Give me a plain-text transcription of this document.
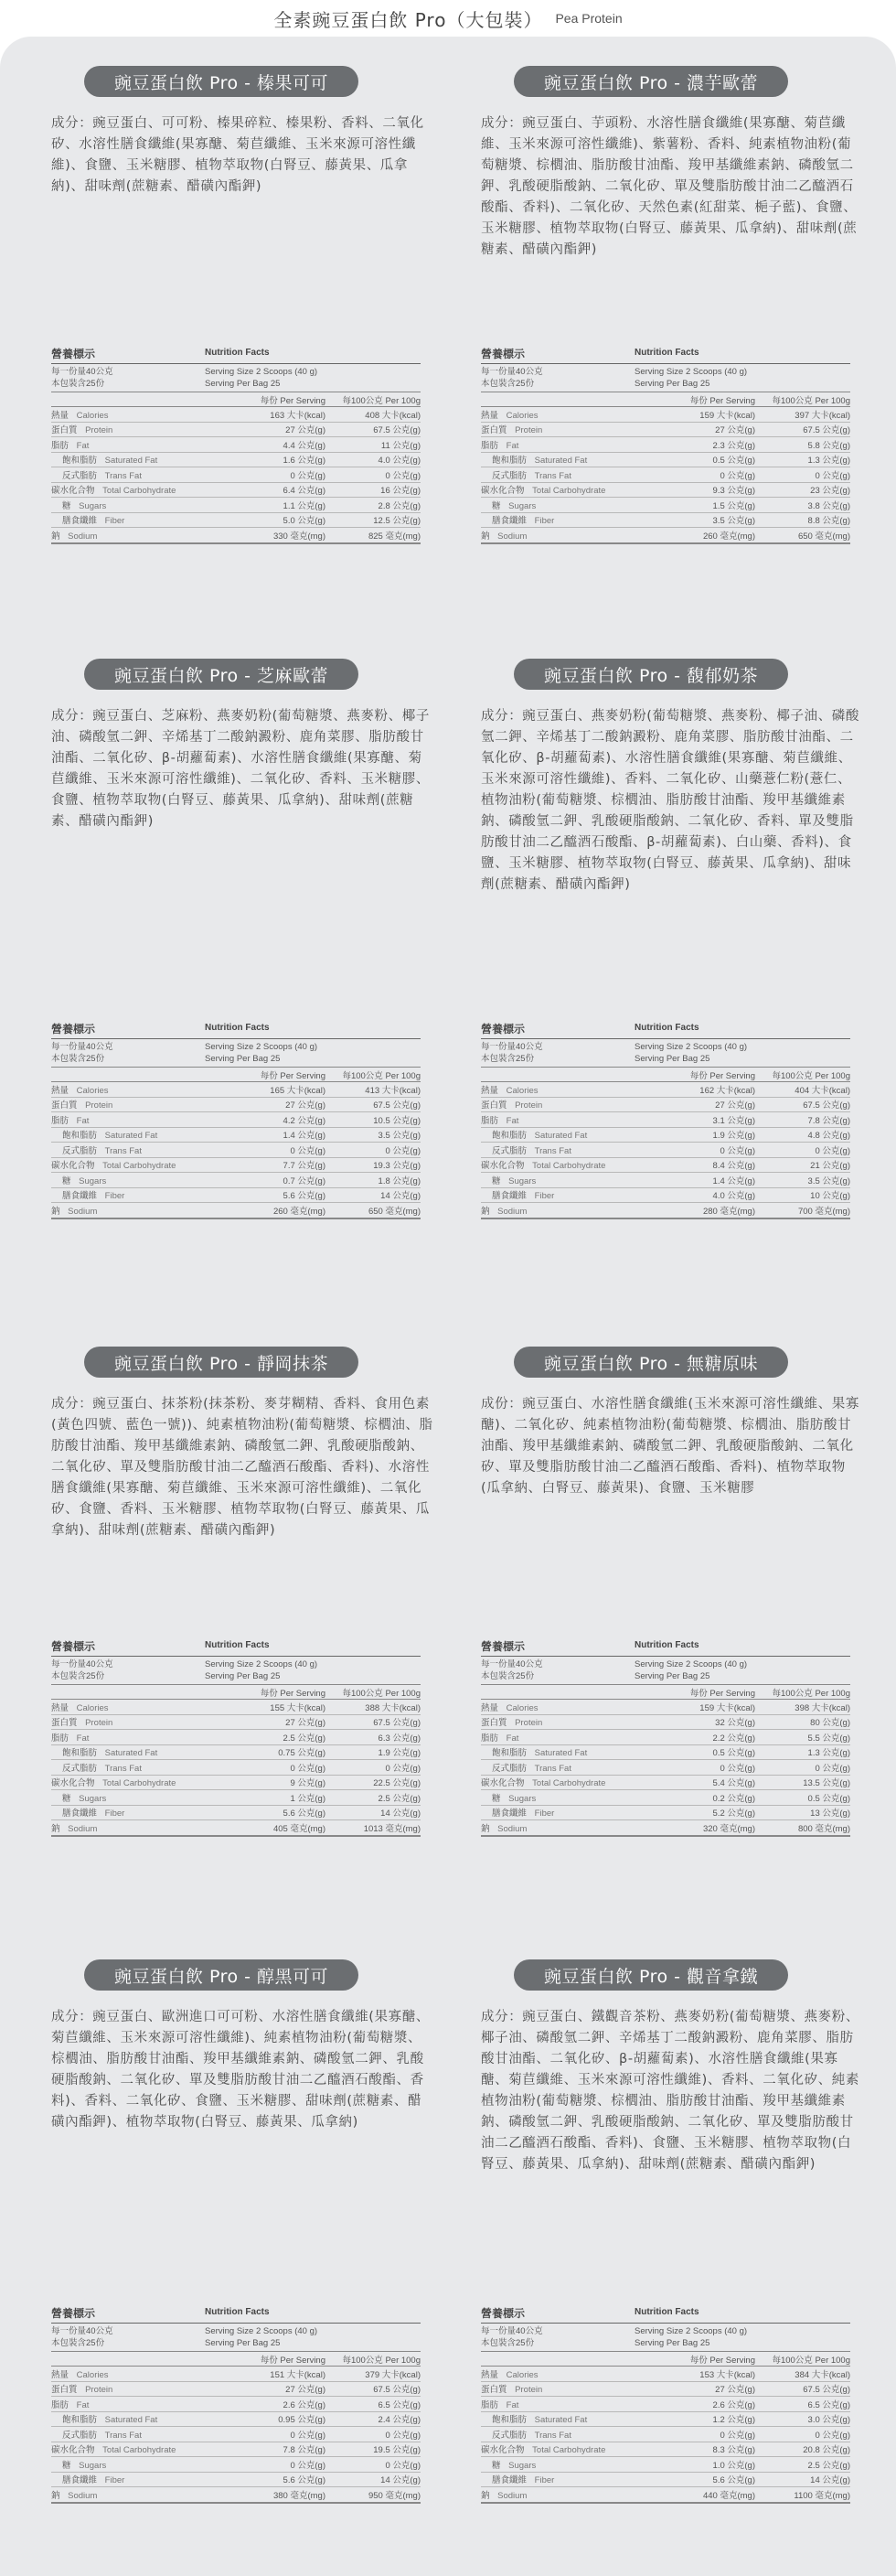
全素豌豆蛋白飲 Pro（大包裝） Pea Protein
豌豆蛋白飲 Pro - 榛果可可
成分：豌豆蛋白、可可粉、榛果碎粒、榛果粉、香料、二氧化矽、水溶性膳食纖維(果寡醣、菊苣纖維、玉米來源可溶性纖維)、食鹽、玉米糖膠、植物萃取物(白腎豆、藤黃果、瓜拿納)、甜味劑(蔗糖素、醋磺內酯鉀)
營養標示	Nutrition Facts
每一份量40公克
本包裝含25份
Serving Size 2 Scoops (40 g)
Serving Per Bag 25
每份 Per Serving	每100公克 Per 100g
熱量 Calories	163 大卡(kcal)	408 大卡(kcal)
蛋白質 Protein	27 公克(g)	67.5 公克(g)
脂肪 Fat	4.4 公克(g)	11 公克(g)
飽和脂肪 Saturated Fat	1.6 公克(g)	4.0 公克(g)
反式脂肪 Trans Fat	0 公克(g)	0 公克(g)
碳水化合物 Total Carbohydrate	6.4 公克(g)	16 公克(g)
糖 Sugars	1.1 公克(g)	2.8 公克(g)
膳食纖維 Fiber	5.0 公克(g)	12.5 公克(g)
鈉 Sodium	330 毫克(mg)	825 毫克(mg)
豌豆蛋白飲 Pro - 濃芋歐蕾
成分：豌豆蛋白、芋頭粉、水溶性膳食纖維(果寡醣、菊苣纖維、玉米來源可溶性纖維)、紫薯粉、香料、純素植物油粉(葡萄糖漿、棕櫚油、脂肪酸甘油酯、羧甲基纖維素鈉、磷酸氫二鉀、乳酸硬脂酸鈉、二氧化矽、單及雙脂肪酸甘油二乙醯酒石酸酯、香料)、二氧化矽、天然色素(紅甜菜、梔子藍)、食鹽、玉米糖膠、植物萃取物(白腎豆、藤黃果、瓜拿納)、甜味劑(蔗糖素、醋磺內酯鉀)
營養標示	Nutrition Facts
每一份量40公克
本包裝含25份
Serving Size 2 Scoops (40 g)
Serving Per Bag 25
每份 Per Serving	每100公克 Per 100g
熱量 Calories	159 大卡(kcal)	397 大卡(kcal)
蛋白質 Protein	27 公克(g)	67.5 公克(g)
脂肪 Fat	2.3 公克(g)	5.8 公克(g)
飽和脂肪 Saturated Fat	0.5 公克(g)	1.3 公克(g)
反式脂肪 Trans Fat	0 公克(g)	0 公克(g)
碳水化合物 Total Carbohydrate	9.3 公克(g)	23 公克(g)
糖 Sugars	1.5 公克(g)	3.8 公克(g)
膳食纖維 Fiber	3.5 公克(g)	8.8 公克(g)
鈉 Sodium	260 毫克(mg)	650 毫克(mg)
豌豆蛋白飲 Pro - 芝麻歐蕾
成分：豌豆蛋白、芝麻粉、燕麥奶粉(葡萄糖漿、燕麥粉、椰子油、磷酸氫二鉀、辛烯基丁二酸鈉澱粉、鹿角菜膠、脂肪酸甘油酯、二氧化矽、β-胡蘿蔔素)、水溶性膳食纖維(果寡醣、菊苣纖維、玉米來源可溶性纖維)、二氧化矽、香料、玉米糖膠、食鹽、植物萃取物(白腎豆、藤黃果、瓜拿納)、甜味劑(蔗糖素、醋磺內酯鉀)
營養標示	Nutrition Facts
每一份量40公克
本包裝含25份
Serving Size 2 Scoops (40 g)
Serving Per Bag 25
每份 Per Serving	每100公克 Per 100g
熱量 Calories	165 大卡(kcal)	413 大卡(kcal)
蛋白質 Protein	27 公克(g)	67.5 公克(g)
脂肪 Fat	4.2 公克(g)	10.5 公克(g)
飽和脂肪 Saturated Fat	1.4 公克(g)	3.5 公克(g)
反式脂肪 Trans Fat	0 公克(g)	0 公克(g)
碳水化合物 Total Carbohydrate	7.7 公克(g)	19.3 公克(g)
糖 Sugars	0.7 公克(g)	1.8 公克(g)
膳食纖維 Fiber	5.6 公克(g)	14 公克(g)
鈉 Sodium	260 毫克(mg)	650 毫克(mg)
豌豆蛋白飲 Pro - 馥郁奶茶
成分：豌豆蛋白、燕麥奶粉(葡萄糖漿、燕麥粉、椰子油、磷酸氫二鉀、辛烯基丁二酸鈉澱粉、鹿角菜膠、脂肪酸甘油酯、二氧化矽、β-胡蘿蔔素)、水溶性膳食纖維(果寡醣、菊苣纖維、玉米來源可溶性纖維)、香料、二氧化矽、山藥薏仁粉(薏仁、植物油粉(葡萄糖漿、棕櫚油、脂肪酸甘油酯、羧甲基纖維素鈉、磷酸氫二鉀、乳酸硬脂酸鈉、二氧化矽、香料、單及雙脂肪酸甘油二乙醯酒石酸酯、β-胡蘿蔔素)、白山藥、香料)、食鹽、玉米糖膠、植物萃取物(白腎豆、藤黃果、瓜拿納)、甜味劑(蔗糖素、醋磺內酯鉀)
營養標示	Nutrition Facts
每一份量40公克
本包裝含25份
Serving Size 2 Scoops (40 g)
Serving Per Bag 25
每份 Per Serving	每100公克 Per 100g
熱量 Calories	162 大卡(kcal)	404 大卡(kcal)
蛋白質 Protein	27 公克(g)	67.5 公克(g)
脂肪 Fat	3.1 公克(g)	7.8 公克(g)
飽和脂肪 Saturated Fat	1.9 公克(g)	4.8 公克(g)
反式脂肪 Trans Fat	0 公克(g)	0 公克(g)
碳水化合物 Total Carbohydrate	8.4 公克(g)	21 公克(g)
糖 Sugars	1.4 公克(g)	3.5 公克(g)
膳食纖維 Fiber	4.0 公克(g)	10 公克(g)
鈉 Sodium	280 毫克(mg)	700 毫克(mg)
豌豆蛋白飲 Pro - 靜岡抹茶
成分：豌豆蛋白、抹茶粉(抹茶粉、麥芽糊精、香料、食用色素(黃色四號、藍色一號))、純素植物油粉(葡萄糖漿、棕櫚油、脂肪酸甘油酯、羧甲基纖維素鈉、磷酸氫二鉀、乳酸硬脂酸鈉、二氧化矽、單及雙脂肪酸甘油二乙醯酒石酸酯、香料)、水溶性膳食纖維(果寡醣、菊苣纖維、玉米來源可溶性纖維)、二氧化矽、食鹽、香料、玉米糖膠、植物萃取物(白腎豆、藤黃果、瓜拿納)、甜味劑(蔗糖素、醋磺內酯鉀)
營養標示	Nutrition Facts
每一份量40公克
本包裝含25份
Serving Size 2 Scoops (40 g)
Serving Per Bag 25
每份 Per Serving	每100公克 Per 100g
熱量 Calories	155 大卡(kcal)	388 大卡(kcal)
蛋白質 Protein	27 公克(g)	67.5 公克(g)
脂肪 Fat	2.5 公克(g)	6.3 公克(g)
飽和脂肪 Saturated Fat	0.75 公克(g)	1.9 公克(g)
反式脂肪 Trans Fat	0 公克(g)	0 公克(g)
碳水化合物 Total Carbohydrate	9 公克(g)	22.5 公克(g)
糖 Sugars	1 公克(g)	2.5 公克(g)
膳食纖維 Fiber	5.6 公克(g)	14 公克(g)
鈉 Sodium	405 毫克(mg)	1013 毫克(mg)
豌豆蛋白飲 Pro - 無糖原味
成份：豌豆蛋白、水溶性膳食纖維(玉米來源可溶性纖維、果寡醣)、二氧化矽、純素植物油粉(葡萄糖漿、棕櫚油、脂肪酸甘油酯、羧甲基纖維素鈉、磷酸氫二鉀、乳酸硬脂酸鈉、二氧化矽、單及雙脂肪酸甘油二乙醯酒石酸酯、香料)、植物萃取物(瓜拿納、白腎豆、藤黃果)、食鹽、玉米糖膠
營養標示	Nutrition Facts
每一份量40公克
本包裝含25份
Serving Size 2 Scoops (40 g)
Serving Per Bag 25
每份 Per Serving	每100公克 Per 100g
熱量 Calories	159 大卡(kcal)	398 大卡(kcal)
蛋白質 Protein	32 公克(g)	80 公克(g)
脂肪 Fat	2.2 公克(g)	5.5 公克(g)
飽和脂肪 Saturated Fat	0.5 公克(g)	1.3 公克(g)
反式脂肪 Trans Fat	0 公克(g)	0 公克(g)
碳水化合物 Total Carbohydrate	5.4 公克(g)	13.5 公克(g)
糖 Sugars	0.2 公克(g)	0.5 公克(g)
膳食纖維 Fiber	5.2 公克(g)	13 公克(g)
鈉 Sodium	320 毫克(mg)	800 毫克(mg)
豌豆蛋白飲 Pro - 醇黑可可
成分：豌豆蛋白、歐洲進口可可粉、水溶性膳食纖維(果寡醣、菊苣纖維、玉米來源可溶性纖維)、純素植物油粉(葡萄糖漿、棕櫚油、脂肪酸甘油酯、羧甲基纖維素鈉、磷酸氫二鉀、乳酸硬脂酸鈉、二氧化矽、單及雙脂肪酸甘油二乙醯酒石酸酯、香料)、香料、二氧化矽、食鹽、玉米糖膠、甜味劑(蔗糖素、醋磺內酯鉀)、植物萃取物(白腎豆、藤黃果、瓜拿納)
營養標示	Nutrition Facts
每一份量40公克
本包裝含25份
Serving Size 2 Scoops (40 g)
Serving Per Bag 25
每份 Per Serving	每100公克 Per 100g
熱量 Calories	151 大卡(kcal)	379 大卡(kcal)
蛋白質 Protein	27 公克(g)	67.5 公克(g)
脂肪 Fat	2.6 公克(g)	6.5 公克(g)
飽和脂肪 Saturated Fat	0.95 公克(g)	2.4 公克(g)
反式脂肪 Trans Fat	0 公克(g)	0 公克(g)
碳水化合物 Total Carbohydrate	7.8 公克(g)	19.5 公克(g)
糖 Sugars	0 公克(g)	0 公克(g)
膳食纖維 Fiber	5.6 公克(g)	14 公克(g)
鈉 Sodium	380 毫克(mg)	950 毫克(mg)
豌豆蛋白飲 Pro - 觀音拿鐵
成分：豌豆蛋白、鐵觀音茶粉、燕麥奶粉(葡萄糖漿、燕麥粉、椰子油、磷酸氫二鉀、辛烯基丁二酸鈉澱粉、鹿角菜膠、脂肪酸甘油酯、二氧化矽、β-胡蘿蔔素)、水溶性膳食纖維(果寡醣、菊苣纖維、玉米來源可溶性纖維)、香料、二氧化矽、純素植物油粉(葡萄糖漿、棕櫚油、脂肪酸甘油酯、羧甲基纖維素鈉、磷酸氫二鉀、乳酸硬脂酸鈉、二氧化矽、單及雙脂肪酸甘油二乙醯酒石酸酯、香料)、食鹽、玉米糖膠、植物萃取物(白腎豆、藤黃果、瓜拿納)、甜味劑(蔗糖素、醋磺內酯鉀)
營養標示	Nutrition Facts
每一份量40公克
本包裝含25份
Serving Size 2 Scoops (40 g)
Serving Per Bag 25
每份 Per Serving	每100公克 Per 100g
熱量 Calories	153 大卡(kcal)	384 大卡(kcal)
蛋白質 Protein	27 公克(g)	67.5 公克(g)
脂肪 Fat	2.6 公克(g)	6.5 公克(g)
飽和脂肪 Saturated Fat	1.2 公克(g)	3.0 公克(g)
反式脂肪 Trans Fat	0 公克(g)	0 公克(g)
碳水化合物 Total Carbohydrate	8.3 公克(g)	20.8 公克(g)
糖 Sugars	1.0 公克(g)	2.5 公克(g)
膳食纖維 Fiber	5.6 公克(g)	14 公克(g)
鈉 Sodium	440 毫克(mg)	1100 毫克(mg)
